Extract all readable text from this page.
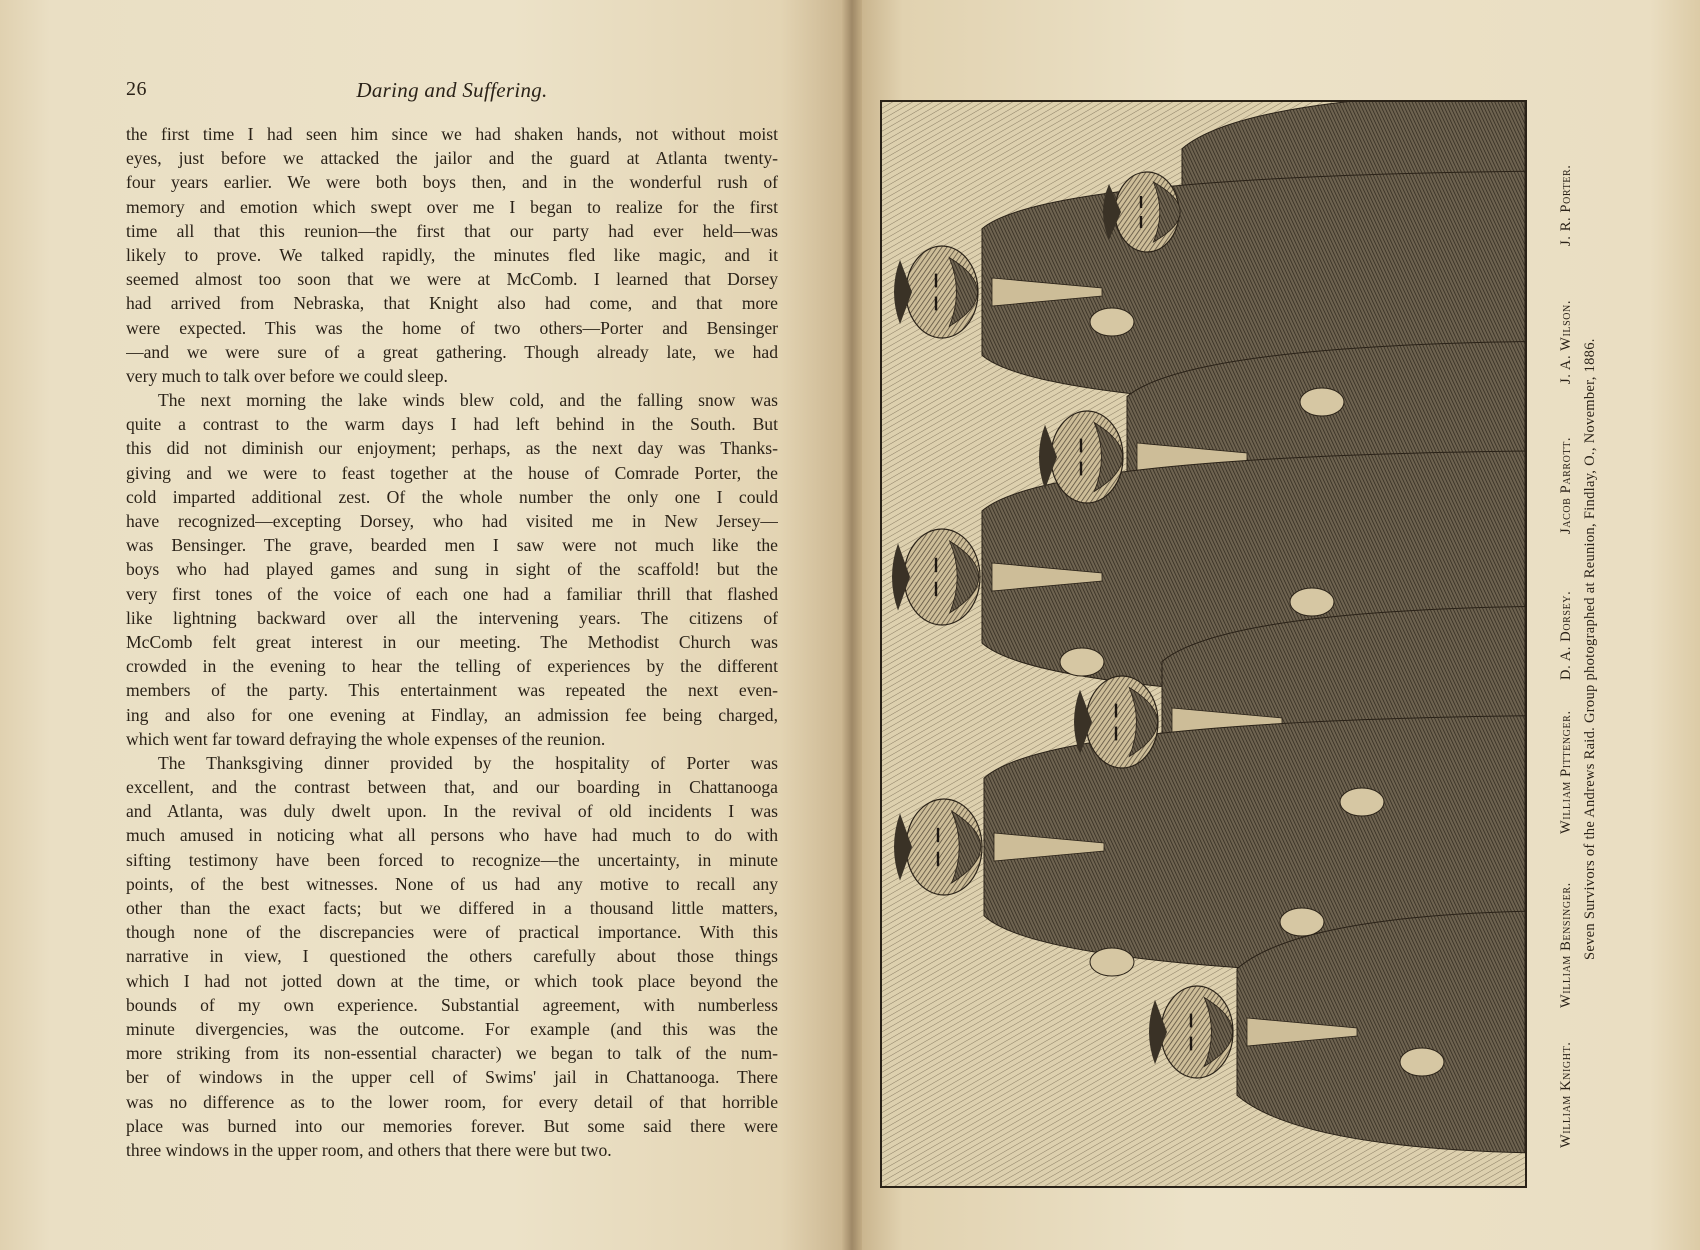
26	Daring and Suffering.
the first time I had seen him since we had shaken hands, not without moist
eyes, just before we attacked the jailor and the guard at Atlanta twenty-
four years earlier. We were both boys then, and in the wonderful rush of
memory and emotion which swept over me I began to realize for the first
time all that this reunion—the first that our party had ever held—was
likely to prove. We talked rapidly, the minutes fled like magic, and it
seemed almost too soon that we were at McComb. I learned that Dorsey
had arrived from Nebraska, that Knight also had come, and that more
were expected. This was the home of two others—Porter and Bensinger
—and we were sure of a great gathering. Though already late, we had
very much to talk over before we could sleep.
The next morning the lake winds blew cold, and the falling snow was
quite a contrast to the warm days I had left behind in the South. But
this did not diminish our enjoyment; perhaps, as the next day was Thanks-
giving and we were to feast together at the house of Comrade Porter, the
cold imparted additional zest. Of the whole number the only one I could
have recognized—excepting Dorsey, who had visited me in New Jersey—
was Bensinger. The grave, bearded men I saw were not much like the
boys who had played games and sung in sight of the scaffold! but the
very first tones of the voice of each one had a familiar thrill that flashed
like lightning backward over all the intervening years. The citizens of
McComb felt great interest in our meeting. The Methodist Church was
crowded in the evening to hear the telling of experiences by the different
members of the party. This entertainment was repeated the next even-
ing and also for one evening at Findlay, an admission fee being charged,
which went far toward defraying the whole expenses of the reunion.
The Thanksgiving dinner provided by the hospitality of Porter was
excellent, and the contrast between that, and our boarding in Chattanooga
and Atlanta, was duly dwelt upon. In the revival of old incidents I was
much amused in noticing what all persons who have had much to do with
sifting testimony have been forced to recognize—the uncertainty, in minute
points, of the best witnesses. None of us had any motive to recall any
other than the exact facts; but we differed in a thousand little matters,
though none of the discrepancies were of practical importance. With this
narrative in view, I questioned the others carefully about those things
which I had not jotted down at the time, or which took place beyond the
bounds of my own experience. Substantial agreement, with numberless
minute divergencies, was the outcome. For example (and this was the
more striking from its non-essential character) we began to talk of the num-
ber of windows in the upper cell of Swims' jail in Chattanooga. There
was no difference as to the lower room, for every detail of that horrible
place was burned into our memories forever. But some said there were
three windows in the upper room, and others that there were but two.
William Knight.
William Bensinger.
William Pittenger.
D. A. Dorsey.
Jacob Parrott.
J. A. Wilson.
J. R. Porter.
Seven Survivors of the Andrews Raid. Group photographed at Reunion, Findlay, O., November, 1886.
